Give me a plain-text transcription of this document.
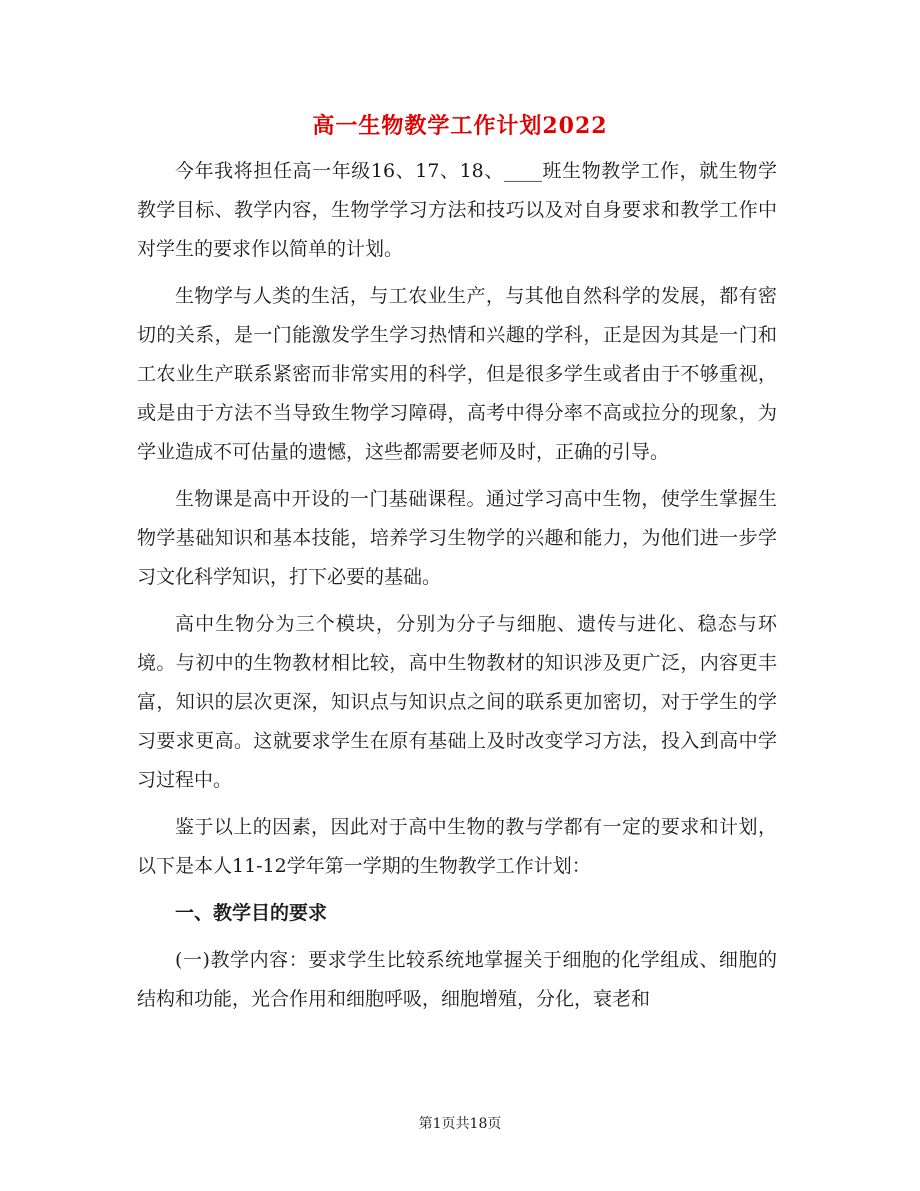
高一生物教学工作计划2022

今年我将担任高一年级16、17、18、____班生物教学工作，就生物学教学目标、教学内容，生物学学习方法和技巧以及对自身要求和教学工作中对学生的要求作以简单的计划。

生物学与人类的生活，与工农业生产，与其他自然科学的发展，都有密切的关系，是一门能激发学生学习热情和兴趣的学科，正是因为其是一门和工农业生产联系紧密而非常实用的科学，但是很多学生或者由于不够重视，或是由于方法不当导致生物学习障碍，高考中得分率不高或拉分的现象，为学业造成不可估量的遗憾，这些都需要老师及时，正确的引导。

生物课是高中开设的一门基础课程。通过学习高中生物，使学生掌握生物学基础知识和基本技能，培养学习生物学的兴趣和能力，为他们进一步学习文化科学知识，打下必要的基础。

高中生物分为三个模块，分别为分子与细胞、遗传与进化、稳态与环境。与初中的生物教材相比较，高中生物教材的知识涉及更广泛，内容更丰富，知识的层次更深，知识点与知识点之间的联系更加密切，对于学生的学习要求更高。这就要求学生在原有基础上及时改变学习方法，投入到高中学习过程中。

鉴于以上的因素，因此对于高中生物的教与学都有一定的要求和计划，以下是本人11-12学年第一学期的生物教学工作计划：

一、教学目的要求

(一)教学内容：要求学生比较系统地掌握关于细胞的化学组成、细胞的结构和功能，光合作用和细胞呼吸，细胞增殖，分化，衰老和

第1页共18页
